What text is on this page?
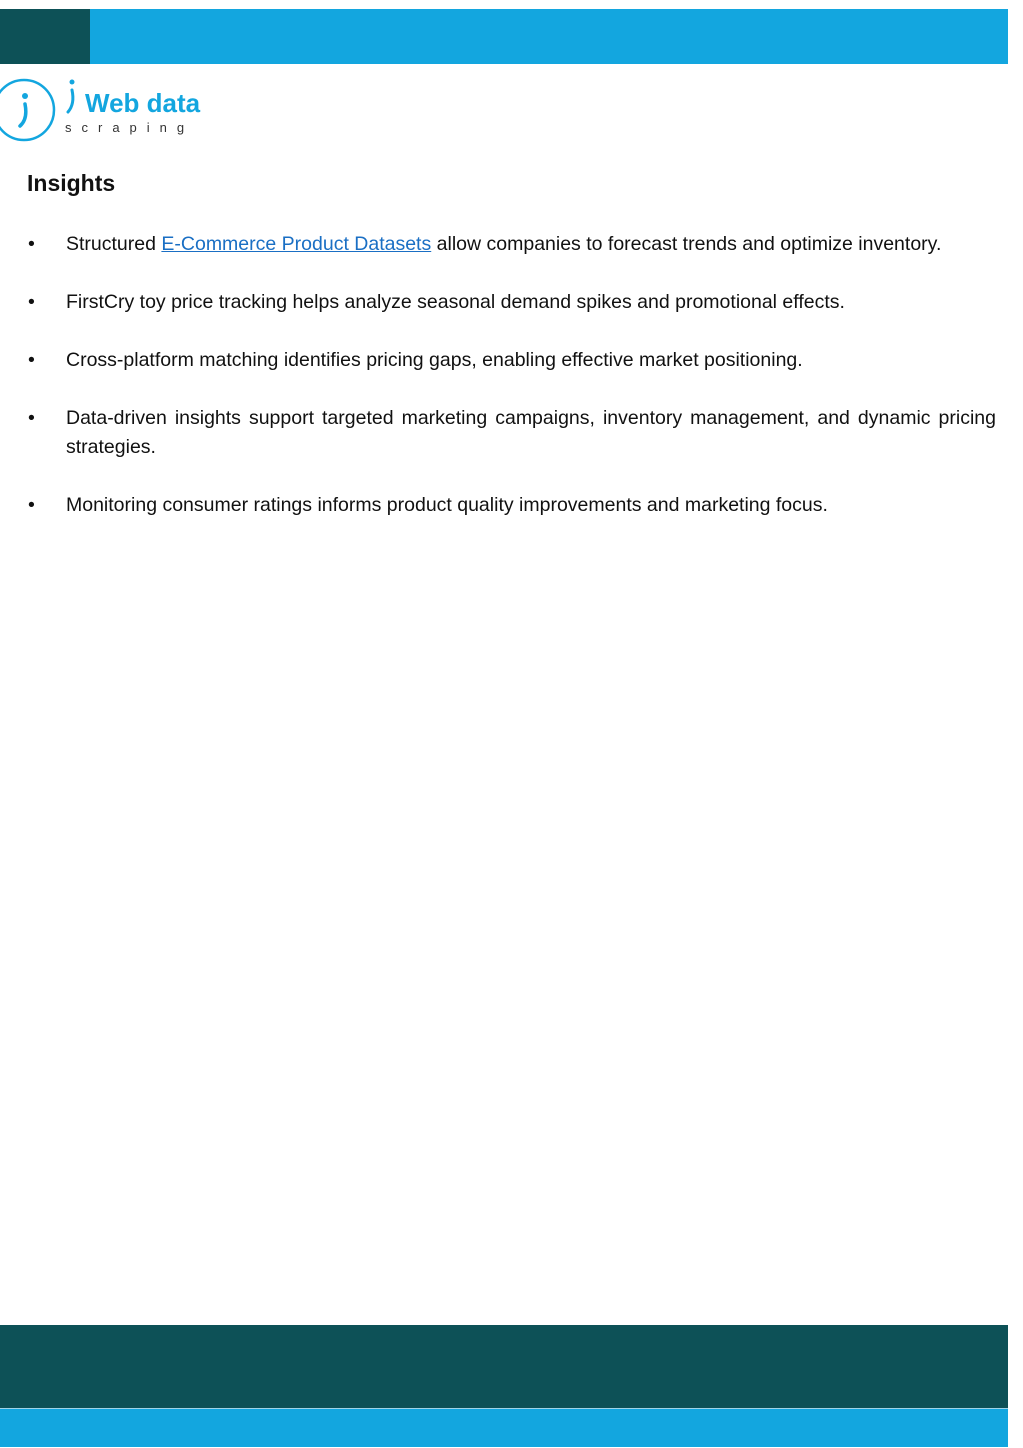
Web data
scraping
Insights
• Structured E-Commerce Product Datasets allow companies to forecast trends and optimize inventory.
• FirstCry toy price tracking helps analyze seasonal demand spikes and promotional effects.
• Cross-platform matching identifies pricing gaps, enabling effective market positioning.
• Data-driven insights support targeted marketing campaigns, inventory management, and dynamic pricing strategies.
• Monitoring consumer ratings informs product quality improvements and marketing focus.
